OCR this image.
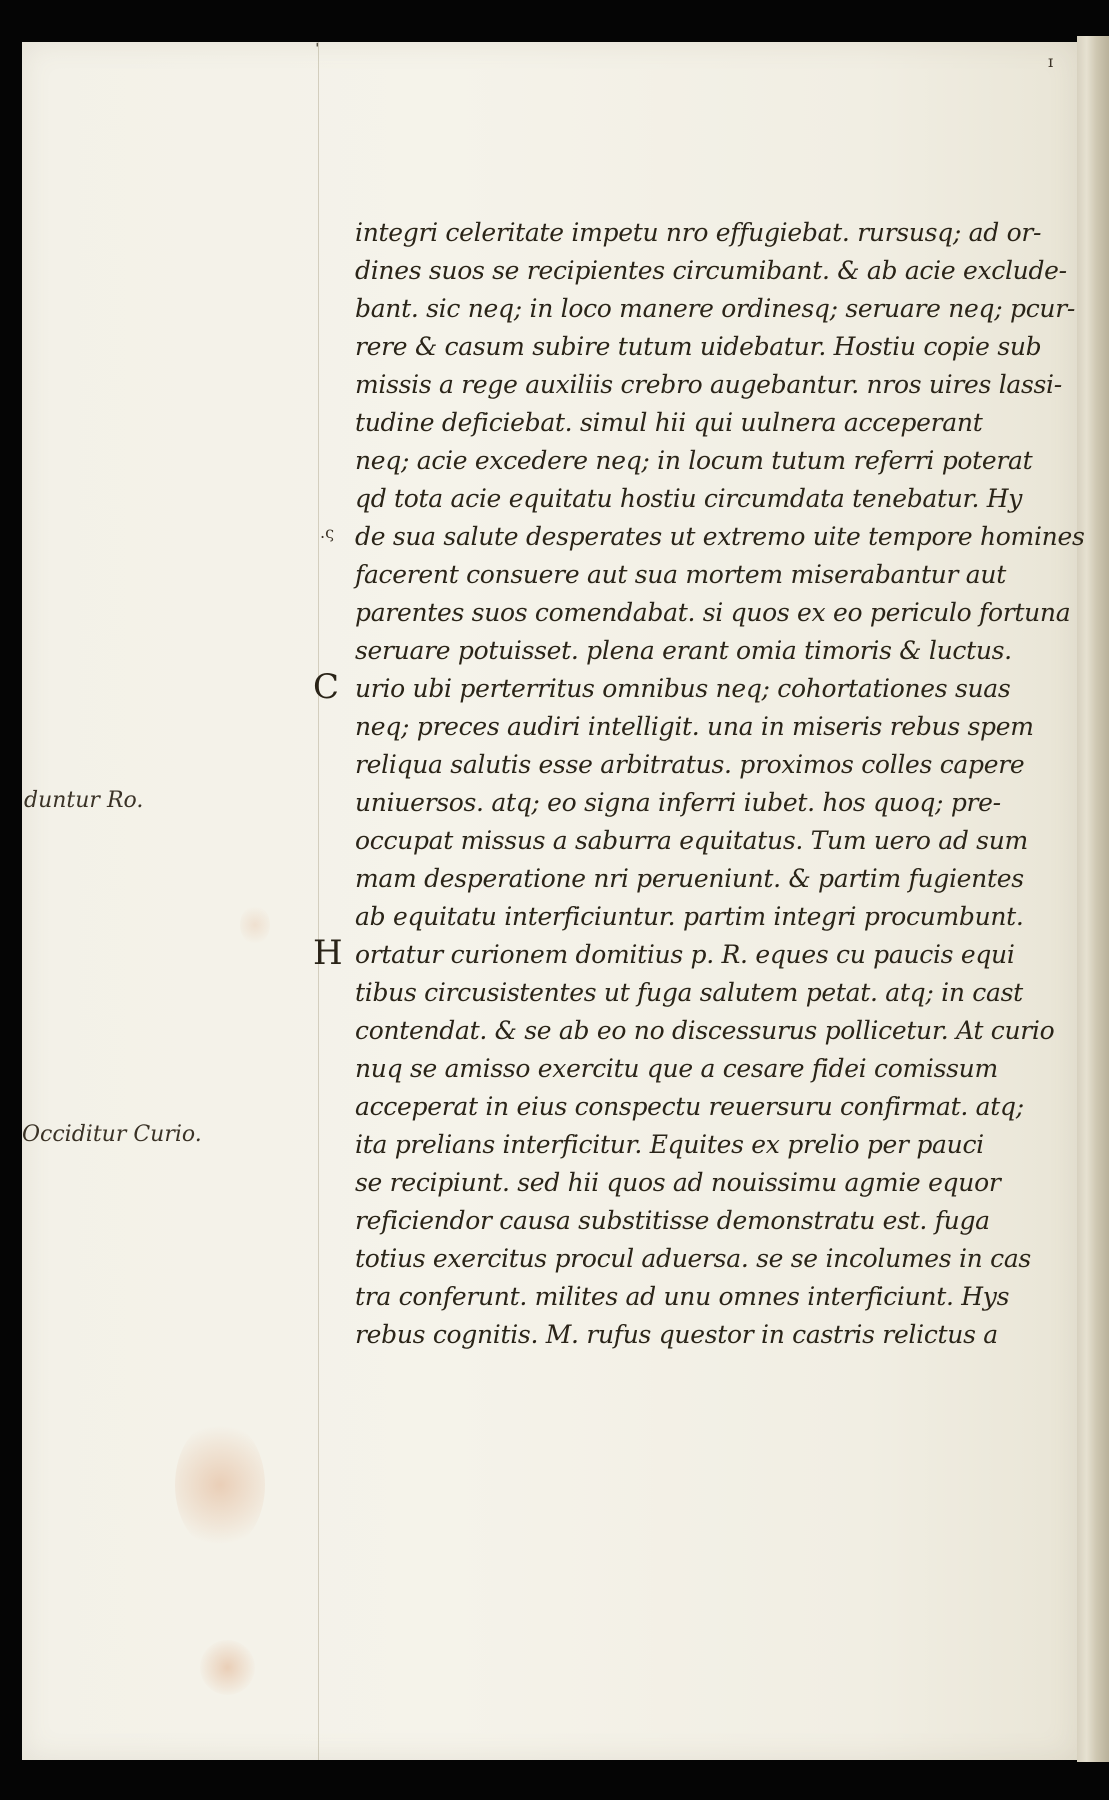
ˈ
ɪ
.ς
duntur Ro.
Occiditur Curio.
integri celeritate impetu nro effugiebat. rursusq; ad or-
dines suos se recipientes circumibant. & ab acie exclude-
bant. sic neq; in loco manere ordinesq; seruare neq; pcur-
rere & casum subire tutum uidebatur. Hostiu copie sub
missis a rege auxiliis crebro augebantur. nros uires lassi-
tudine deficiebat. simul hii qui uulnera acceperant
neq; acie excedere neq; in locum tutum referri poterat
qd tota acie equitatu hostiu circumdata tenebatur. Hy
de sua salute desperates ut extremo uite tempore homines
facerent consuere aut sua mortem miserabantur aut
parentes suos comendabat. si quos ex eo periculo fortuna
seruare potuisset. plena erant omia timoris & luctus.
C urio ubi perterritus omnibus neq; cohortationes suas
neq; preces audiri intelligit. una in miseris rebus spem
reliqua salutis esse arbitratus. proximos colles capere
uniuersos. atq; eo signa inferri iubet. hos quoq; pre-
occupat missus a saburra equitatus. Tum uero ad sum
mam desperatione nri perueniunt. & partim fugientes
ab equitatu interficiuntur. partim integri procumbunt.
H ortatur curionem domitius p. R. eques cu paucis equi
tibus circusistentes ut fuga salutem petat. atq; in cast
contendat. & se ab eo no discessurus pollicetur. At curio
nuq se amisso exercitu que a cesare fidei comissum
acceperat in eius conspectu reuersuru confirmat. atq;
ita prelians interficitur. Equites ex prelio per pauci
se recipiunt. sed hii quos ad nouissimu agmie equor
reficiendor causa substitisse demonstratu est. fuga
totius exercitus procul aduersa. se se incolumes in cas
tra conferunt. milites ad unu omnes interficiunt. Hys
rebus cognitis. M. rufus questor in castris relictus a
